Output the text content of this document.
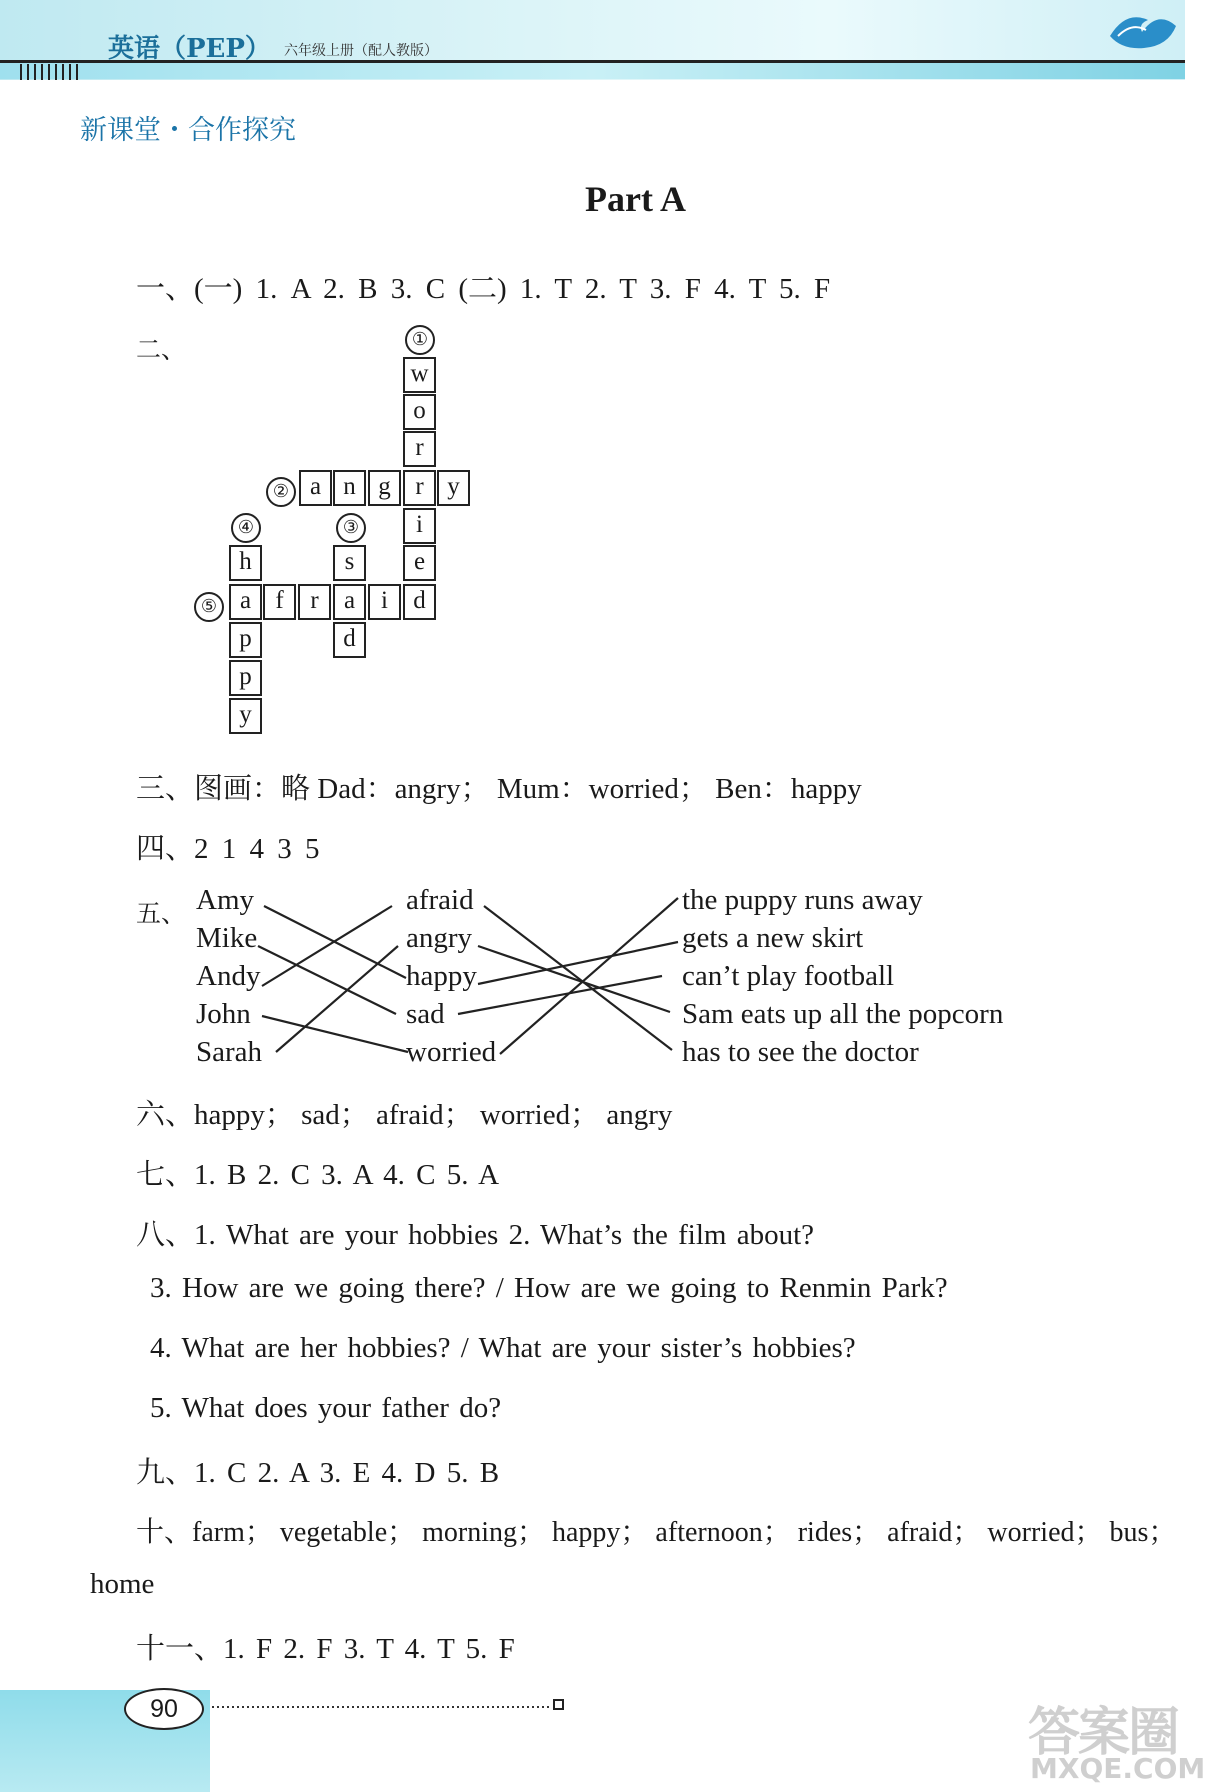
英语（PEP） 六年级上册（配人教版）
新课堂・合作探究
Part A
一、(一) 1. A 2. B 3. C (二) 1. T 2. T 3. F 4. T 5. F
二、	①
②
③
④
⑤
w
o
r
r
i
e
d
a n g	y
s
a
d
h
a
p
p
y
f	r	i
三、图画：略 Dad：angry； Mum：worried； Ben：happy
四、2 1 4 3 5
五、 Amy
Mike
Andy
John
Sarah
afraid
angry
happy
sad
worried
the puppy runs away
gets a new skirt
can’t play football
Sam eats up all the popcorn
has to see the doctor
六、happy； sad； afraid； worried； angry
七、1. B 2. C 3. A 4. C 5. A
八、1. What are your hobbies 2. What’s the film about?
3. How are we going there? / How are we going to Renmin Park?
4. What are her hobbies? / What are your sister’s hobbies?
5. What does your father do?
九、1. C 2. A 3. E 4. D 5. B
十、farm； vegetable； morning； happy； afternoon； rides； afraid； worried； bus；
home
十一、1. F 2. F 3. T 4. T 5. F
90	答案圈
MXQE.COM
